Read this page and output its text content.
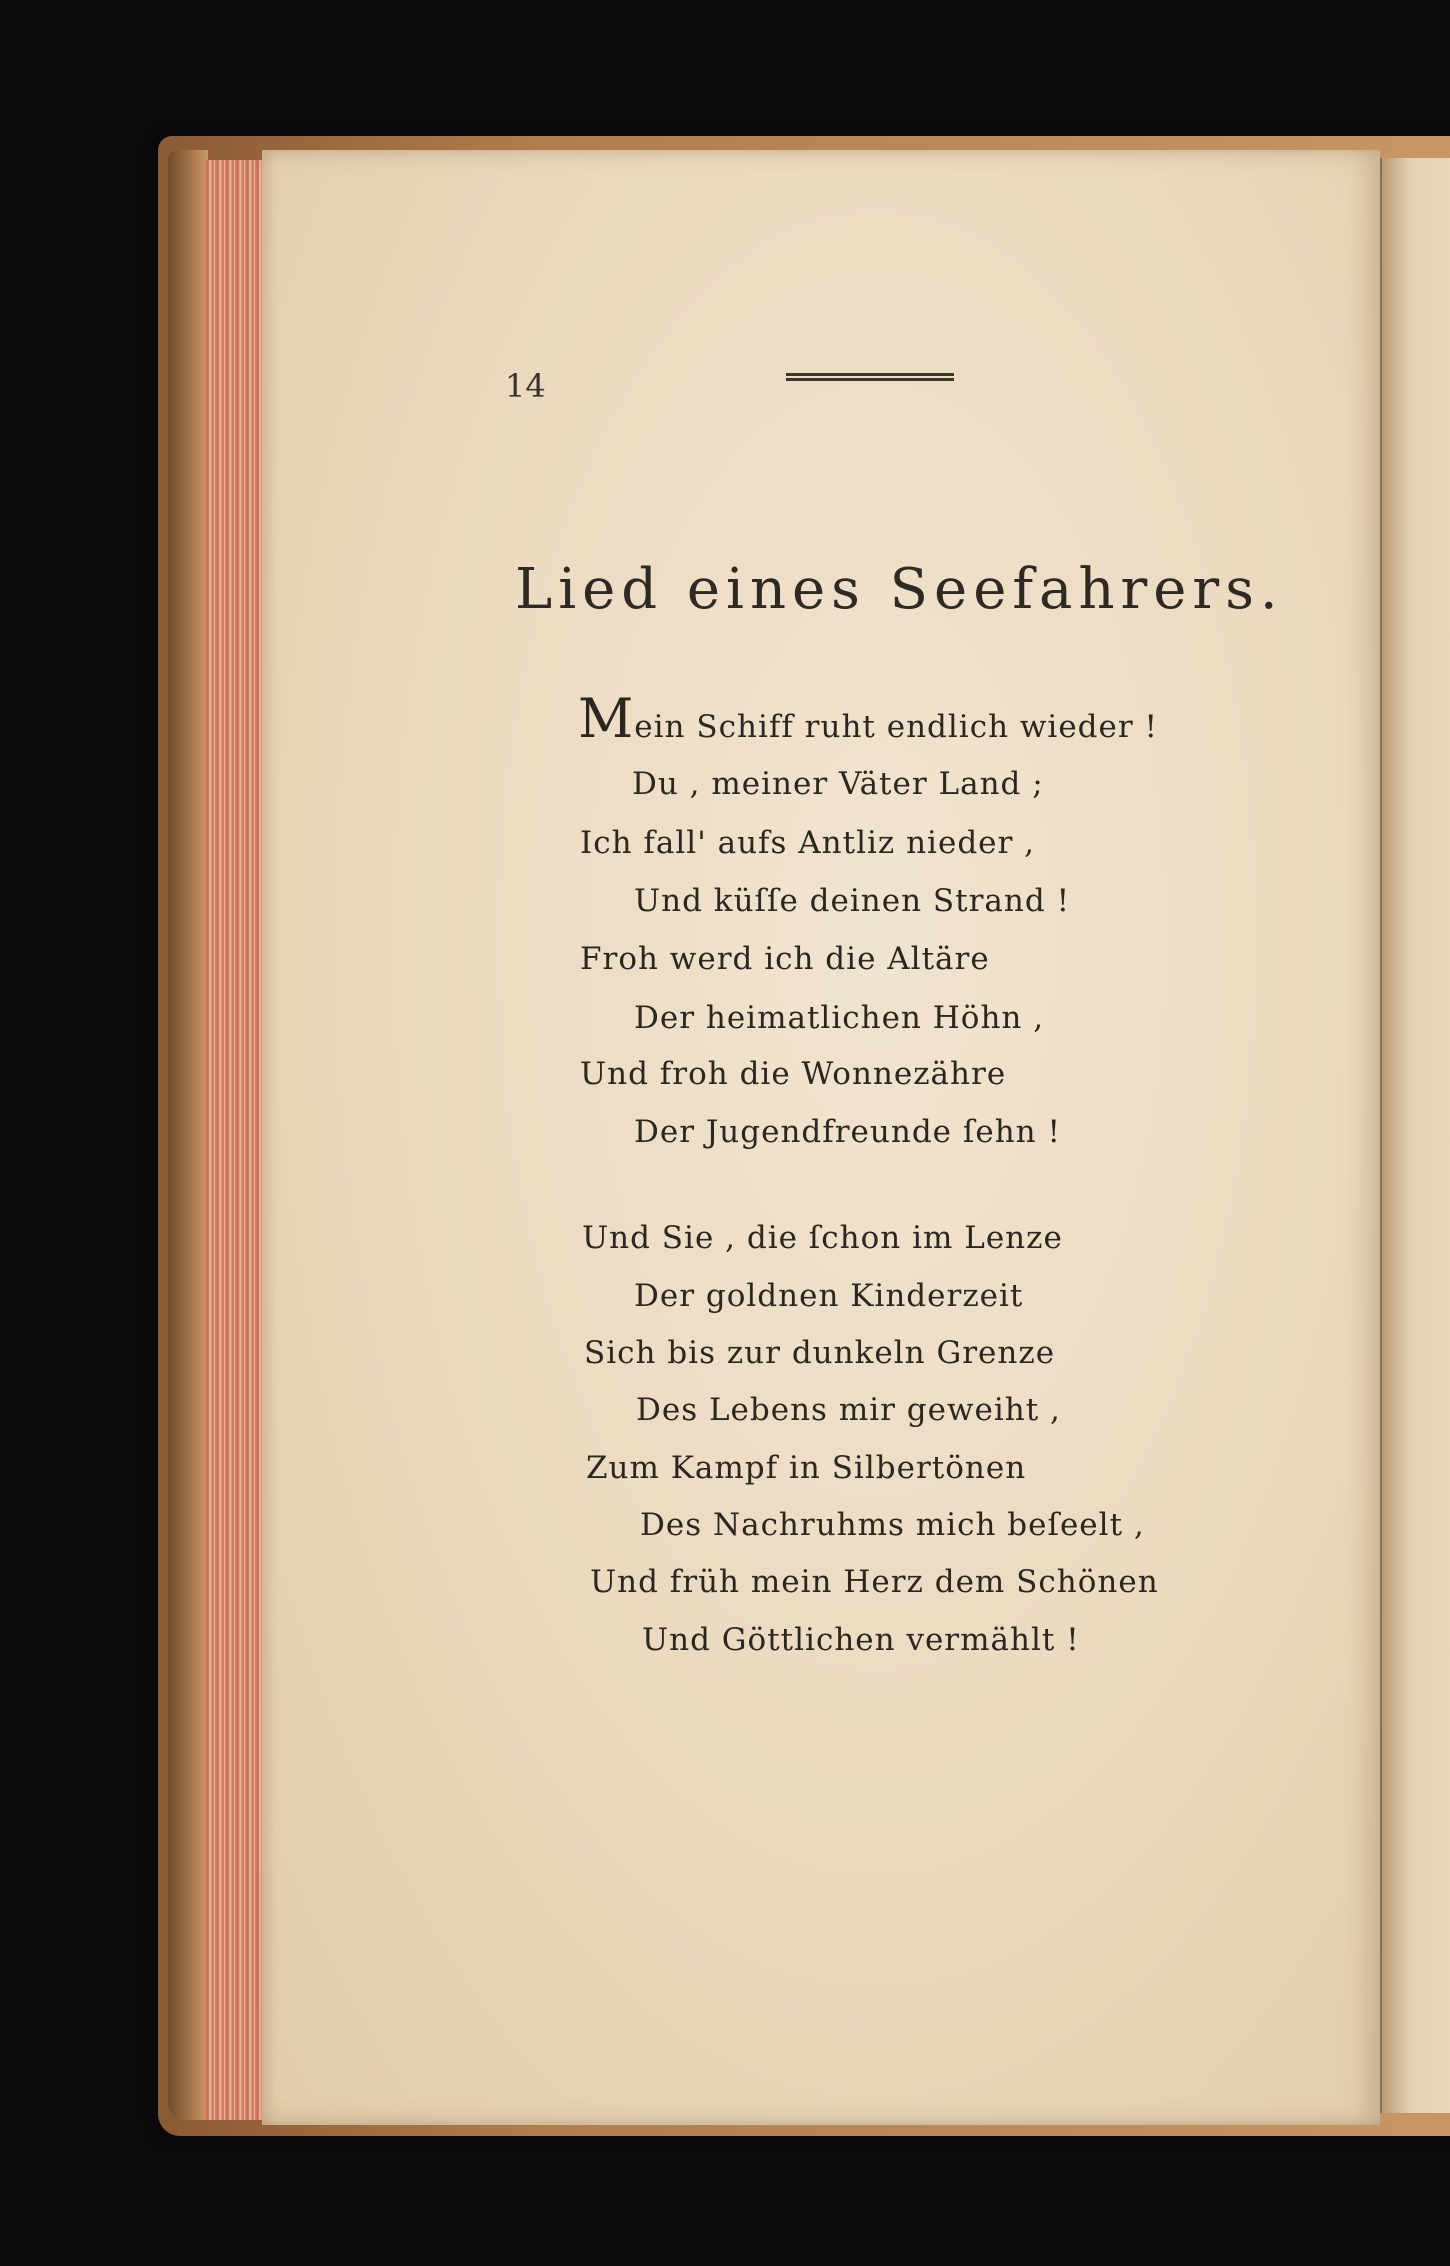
14
Lied eines Seefahrers.
Mein Schiff ruht endlich wieder !
Du , meiner Väter Land ;
Ich fall' aufs Antliz nieder ,
Und küſſe deinen Strand !
Froh werd ich die Altäre
Der heimatlichen Höhn ,
Und froh die Wonnezähre
Der Jugendfreunde ſehn !
Und Sie , die ſchon im Lenze
Der goldnen Kinderzeit
Sich bis zur dunkeln Grenze
Des Lebens mir geweiht ,
Zum Kampf in Silbertönen
Des Nachruhms mich beſeelt ,
Und früh mein Herz dem Schönen
Und Göttlichen vermählt !
